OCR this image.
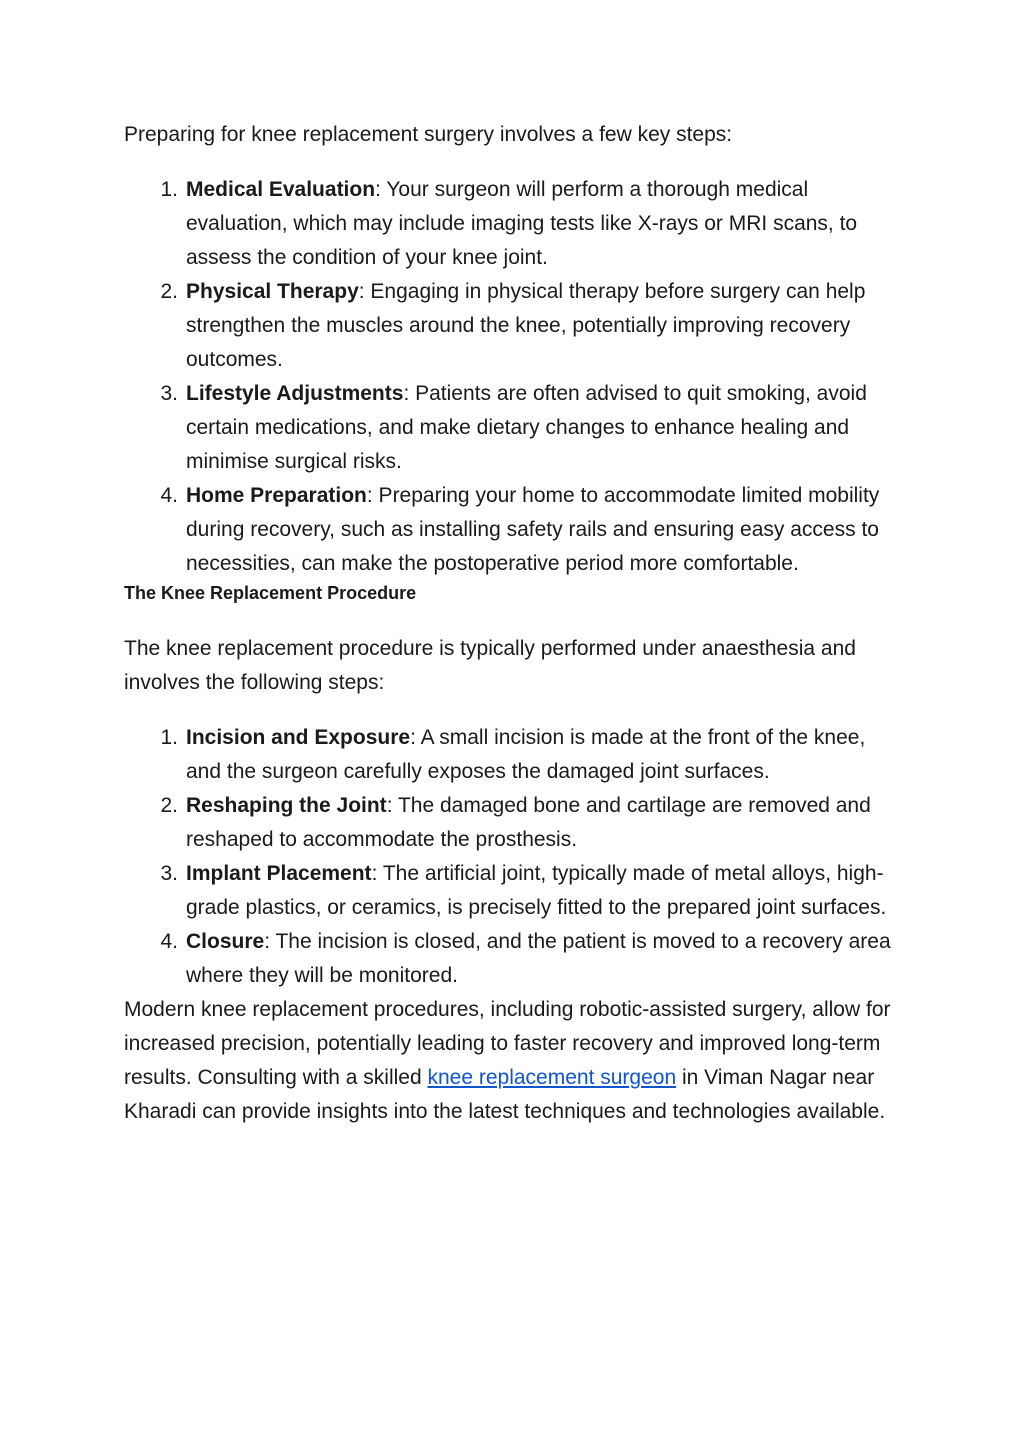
Preparing for knee replacement surgery involves a few key steps:

1. Medical Evaluation: Your surgeon will perform a thorough medical evaluation, which may include imaging tests like X-rays or MRI scans, to assess the condition of your knee joint.
2. Physical Therapy: Engaging in physical therapy before surgery can help strengthen the muscles around the knee, potentially improving recovery outcomes.
3. Lifestyle Adjustments: Patients are often advised to quit smoking, avoid certain medications, and make dietary changes to enhance healing and minimise surgical risks.
4. Home Preparation: Preparing your home to accommodate limited mobility during recovery, such as installing safety rails and ensuring easy access to necessities, can make the postoperative period more comfortable.
The Knee Replacement Procedure

The knee replacement procedure is typically performed under anaesthesia and involves the following steps:

1. Incision and Exposure: A small incision is made at the front of the knee, and the surgeon carefully exposes the damaged joint surfaces.
2. Reshaping the Joint: The damaged bone and cartilage are removed and reshaped to accommodate the prosthesis.
3. Implant Placement: The artificial joint, typically made of metal alloys, high-grade plastics, or ceramics, is precisely fitted to the prepared joint surfaces.
4. Closure: The incision is closed, and the patient is moved to a recovery area where they will be monitored.

Modern knee replacement procedures, including robotic-assisted surgery, allow for increased precision, potentially leading to faster recovery and improved long-term results. Consulting with a skilled knee replacement surgeon in Viman Nagar near Kharadi can provide insights into the latest techniques and technologies available.
